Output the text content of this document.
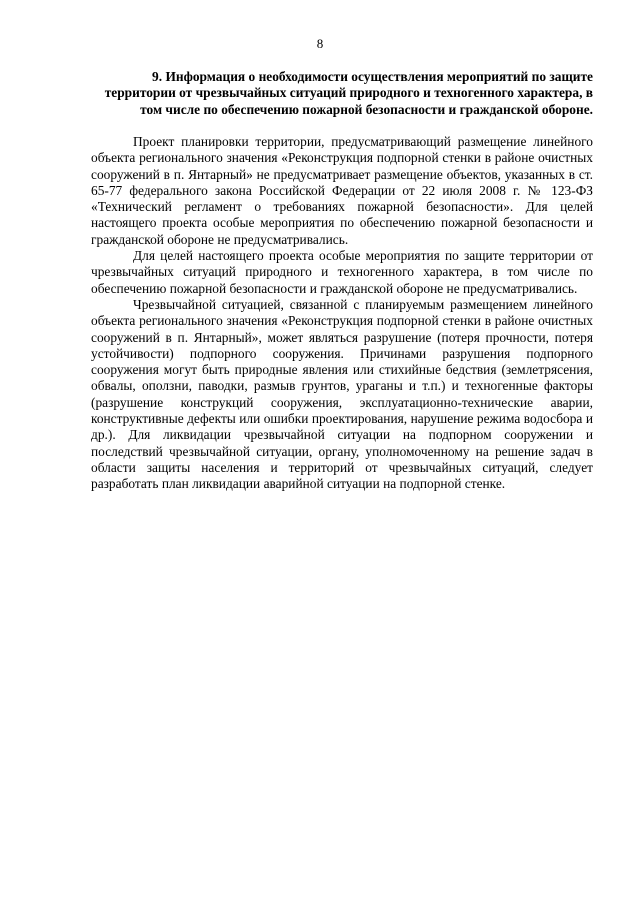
8
9. Информация о необходимости осуществления мероприятий по защите территории от чрезвычайных ситуаций природного и техногенного характера, в том числе по обеспечению пожарной безопасности и гражданской обороне.

Проект планировки территории, предусматривающий размещение линейного объекта регионального значения «Реконструкция подпорной стенки в районе очистных сооружений в п. Янтарный» не предусматривает размещение объектов, указанных в ст. 65-77 федерального закона Российской Федерации от 22 июля 2008 г. № 123-ФЗ «Технический регламент о требованиях пожарной безопасности». Для целей настоящего проекта особые мероприятия по обеспечению пожарной безопасности и гражданской обороне не предусматривались.

Для целей настоящего проекта особые мероприятия по защите территории от чрезвычайных ситуаций природного и техногенного характера, в том числе по обеспечению пожарной безопасности и гражданской обороне не предусматривались.

Чрезвычайной ситуацией, связанной с планируемым размещением линейного объекта регионального значения «Реконструкция подпорной стенки в районе очистных сооружений в п. Янтарный», может являться разрушение (потеря прочности, потеря устойчивости) подпорного сооружения. Причинами разрушения подпорного сооружения могут быть природные явления или стихийные бедствия (землетрясения, обвалы, оползни, паводки, размыв грунтов, ураганы и т.п.) и техногенные факторы (разрушение конструкций сооружения, эксплуатационно-технические аварии, конструктивные дефекты или ошибки проектирования, нарушение режима водосбора и др.). Для ликвидации чрезвычайной ситуации на подпорном сооружении и последствий чрезвычайной ситуации, органу, уполномоченному на решение задач в области защиты населения и территорий от чрезвычайных ситуаций, следует разработать план ликвидации аварийной ситуации на подпорной стенке.
